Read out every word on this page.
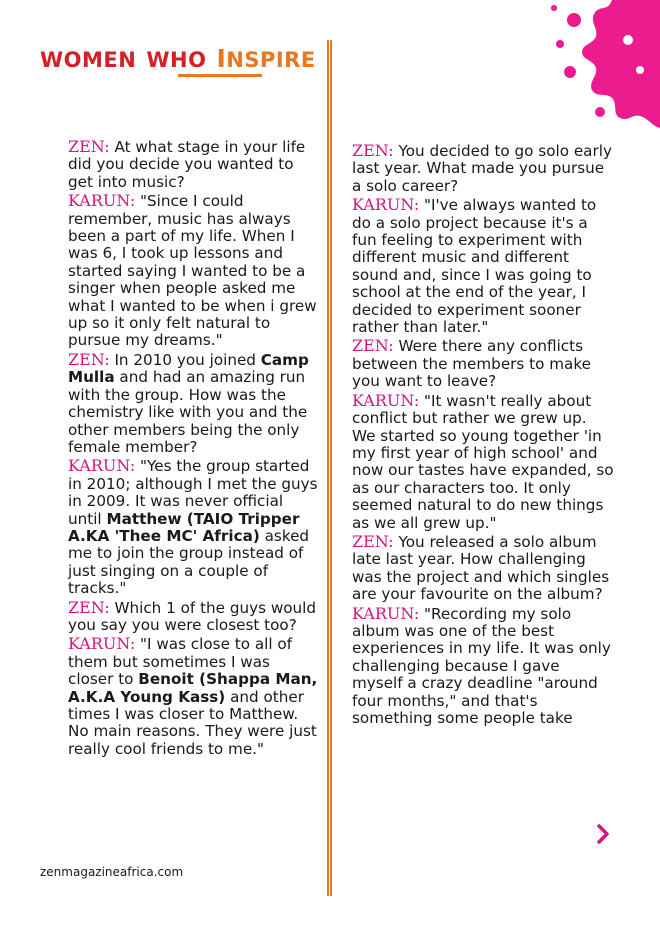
WOMEN WHO INSPIRE
ZEN: At what stage in your life did you decide you wanted to get into music?
KARUN: "Since I could remember, music has always been a part of my life. When I was 6, I took up lessons and started saying I wanted to be a singer when people asked me what I wanted to be when i grew up so it only felt natural to pursue my dreams."
ZEN: In 2010 you joined Camp Mulla and had an amazing run with the group. How was the chemistry like with you and the other members being the only female member?
KARUN: "Yes the group started in 2010; although I met the guys in 2009. It was never official until Matthew (TAIO Tripper A.KA 'Thee MC' Africa) asked me to join the group instead of just singing on a couple of tracks."
ZEN: Which 1 of the guys would you say you were closest too?
KARUN: "I was close to all of them but sometimes I was closer to Benoit (Shappa Man, A.K.A Young Kass) and other times I was closer to Matthew. No main reasons. They were just really cool friends to me."
ZEN: You decided to go solo early last year. What made you pursue a solo career?
KARUN: "I've always wanted to do a solo project because it's a fun feeling to experiment with different music and different sound and, since I was going to school at the end of the year, I decided to experiment sooner rather than later."
ZEN: Were there any conflicts between the members to make you want to leave?
KARUN: "It wasn't really about conflict but rather we grew up. We started so young together 'in my first year of high school' and now our tastes have expanded, so as our characters too. It only seemed natural to do new things as we all grew up."
ZEN: You released a solo album late last year. How challenging was the project and which singles are your favourite on the album?
KARUN: "Recording my solo album was one of the best experiences in my life. It was only challenging because I gave myself a crazy deadline "around four months," and that's something some people take
zenmagazineafrica.com
